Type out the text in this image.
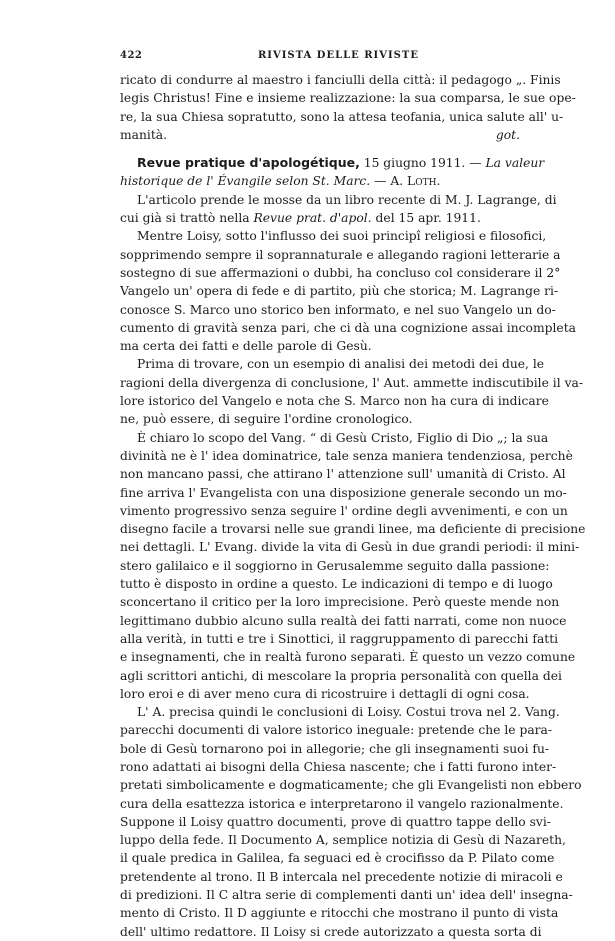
422	RIVISTA DELLE RIVISTE
ricato di condurre al maestro i fanciulli della città: il pedagogo „. Finis
legis Christus! Fine e insieme realizzazione: la sua comparsa, le sue ope-
re, la sua Chiesa sopratutto, sono la attesa teofania, unica salute all' u-
manità.	got.
Revue pratique d'apologétique, 15 giugno 1911. — La valeur
historique de l' Évangile selon St. Marc. — A. Loth.
L'articolo prende le mosse da un libro recente di M. J. Lagrange, di
cui già si trattò nella Revue prat. d'apol. del 15 apr. 1911.
Mentre Loisy, sotto l'influsso dei suoi principî religiosi e filosofici,
sopprimendo sempre il soprannaturale e allegando ragioni letterarie a
sostegno di sue affermazioni o dubbi, ha concluso col considerare il 2°
Vangelo un' opera di fede e di partito, più che storica; M. Lagrange ri-
conosce S. Marco uno storico ben informato, e nel suo Vangelo un do-
cumento di gravità senza pari, che ci dà una cognizione assai incompleta
ma certa dei fatti e delle parole di Gesù.
Prima di trovare, con un esempio di analisi dei metodi dei due, le
ragioni della divergenza di conclusione, l' Aut. ammette indiscutibile il va-
lore istorico del Vangelo e nota che S. Marco non ha cura di indicare
ne, può essere, di seguire l'ordine cronologico.
È chiaro lo scopo del Vang. “ di Gesù Cristo, Figlio di Dio „; la sua
divinità ne è l' idea dominatrice, tale senza maniera tendenziosa, perchè
non mancano passi, che attirano l' attenzione sull' umanità di Cristo. Al
fine arriva l' Evangelista con una disposizione generale secondo un mo-
vimento progressivo senza seguire l' ordine degli avvenimenti, e con un
disegno facile a trovarsi nelle sue grandi linee, ma deficiente di precisione
nei dettagli. L' Evang. divide la vita di Gesù in due grandi periodi: il mini-
stero galilaico e il soggiorno in Gerusalemme seguito dalla passione:
tutto è disposto in ordine a questo. Le indicazioni di tempo e di luogo
sconcertano il critico per la loro imprecisione. Però queste mende non
legittimano dubbio alcuno sulla realtà dei fatti narrati, come non nuoce
alla verità, in tutti e tre i Sinottici, il raggruppamento di parecchi fatti
e insegnamenti, che in realtà furono separati. È questo un vezzo comune
agli scrittori antichi, di mescolare la propria personalità con quella dei
loro eroi e di aver meno cura di ricostruire i dettagli di ogni cosa.
L' A. precisa quindi le conclusioni di Loisy. Costui trova nel 2. Vang.
parecchi documenti di valore istorico ineguale: pretende che le para-
bole di Gesù tornarono poi in allegorie; che gli insegnamenti suoi fu-
rono adattati ai bisogni della Chiesa nascente; che i fatti furono inter-
pretati simbolicamente e dogmaticamente; che gli Evangelisti non ebbero
cura della esattezza istorica e interpretarono il vangelo razionalmente.
Suppone il Loisy quattro documenti, prove di quattro tappe dello svi-
luppo della fede. Il Documento A, semplice notizia di Gesù di Nazareth,
il quale predica in Galilea, fa seguaci ed è crocifisso da P. Pilato come
pretendente al trono. Il B intercala nel precedente notizie di miracoli e
di predizioni. Il C altra serie di complementi danti un' idea dell' insegna-
mento di Cristo. Il D aggiunte e ritocchi che mostrano il punto di vista
dell' ultimo redattore. Il Loisy si crede autorizzato a questa sorta di
